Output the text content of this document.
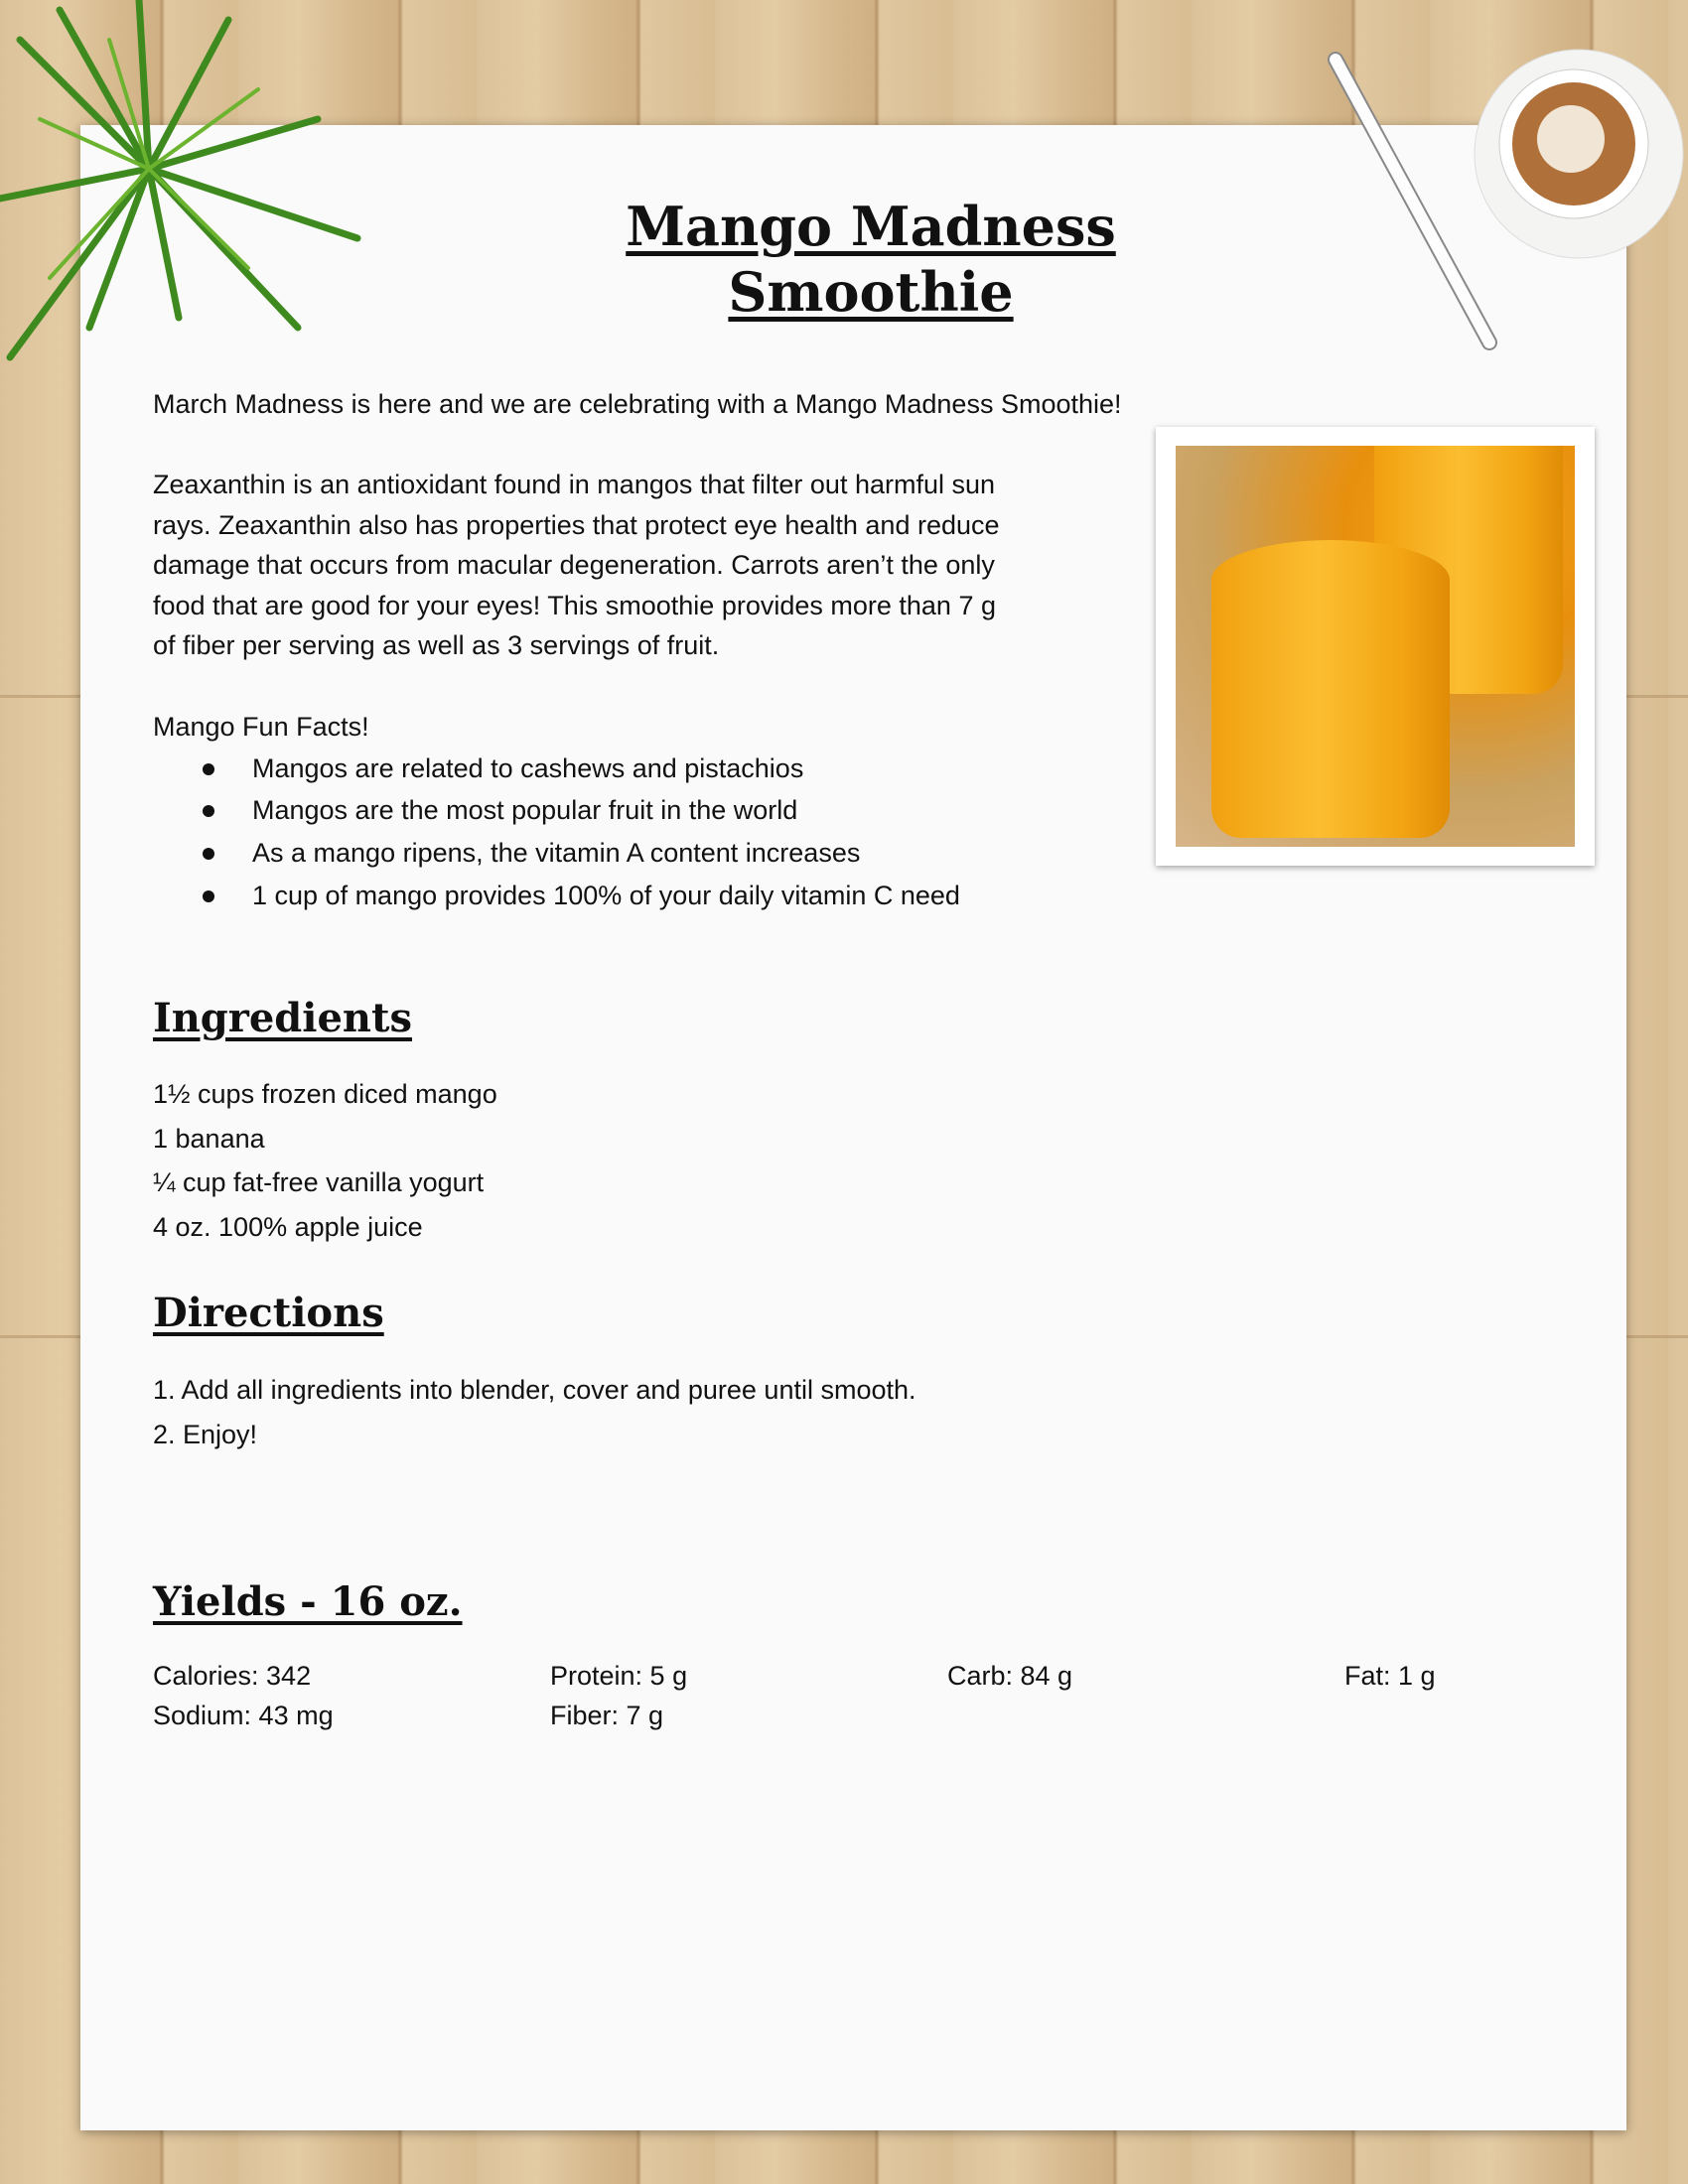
Mango Madness
Smoothie

March Madness is here and we are celebrating with a Mango Madness Smoothie!

Zeaxanthin is an antioxidant found in mangos that filter out harmful sun
rays. Zeaxanthin also has properties that protect eye health and reduce
damage that occurs from macular degeneration. Carrots aren’t the only
food that are good for your eyes! This smoothie provides more than 7 g
of fiber per serving as well as 3 servings of fruit.

Mango Fun Facts!

Mangos are related to cashews and pistachios

Mangos are the most popular fruit in the world

As a mango ripens, the vitamin A content increases

1 cup of mango provides 100% of your daily vitamin C need

Ingredients
1½ cups frozen diced mango
1 banana
¼ cup fat-free vanilla yogurt
4 oz. 100% apple juice
Directions
1. Add all ingredients into blender, cover and puree until smooth.
2. Enjoy!
Yields - 16 oz.
Calories: 342	Protein: 5 g	Carb: 84 g	Fat: 1 g
Sodium: 43 mg	Fiber: 7 g
